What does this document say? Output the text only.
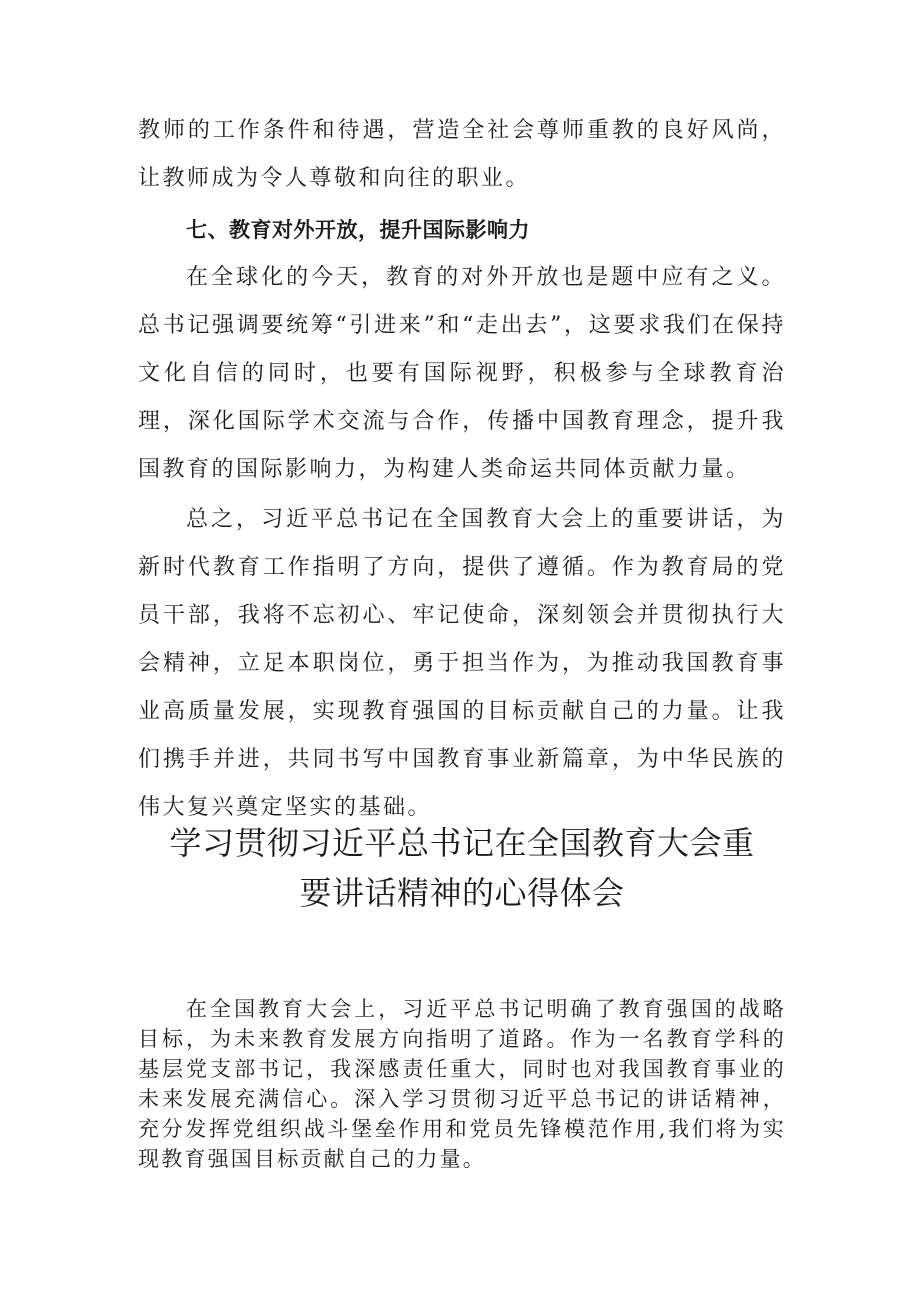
教师的工作条件和待遇，营造全社会尊师重教的良好风尚，让教师成为令人尊敬和向往的职业。

七、教育对外开放，提升国际影响力

在全球化的今天，教育的对外开放也是题中应有之义。总书记强调要统筹“引进来”和“走出去”，这要求我们在保持文化自信的同时，也要有国际视野，积极参与全球教育治理，深化国际学术交流与合作，传播中国教育理念，提升我国教育的国际影响力，为构建人类命运共同体贡献力量。

总之，习近平总书记在全国教育大会上的重要讲话，为新时代教育工作指明了方向，提供了遵循。作为教育局的党员干部，我将不忘初心、牢记使命，深刻领会并贯彻执行大会精神，立足本职岗位，勇于担当作为，为推动我国教育事业高质量发展，实现教育强国的目标贡献自己的力量。让我们携手并进，共同书写中国教育事业新篇章，为中华民族的伟大复兴奠定坚实的基础。

学习贯彻习近平总书记在全国教育大会重
要讲话精神的心得体会

在全国教育大会上，习近平总书记明确了教育强国的战略目标，为未来教育发展方向指明了道路。作为一名教育学科的基层党支部书记，我深感责任重大，同时也对我国教育事业的未来发展充满信心。深入学习贯彻习近平总书记的讲话精神，充分发挥党组织战斗堡垒作用和党员先锋模范作用,我们将为实现教育强国目标贡献自己的力量。
